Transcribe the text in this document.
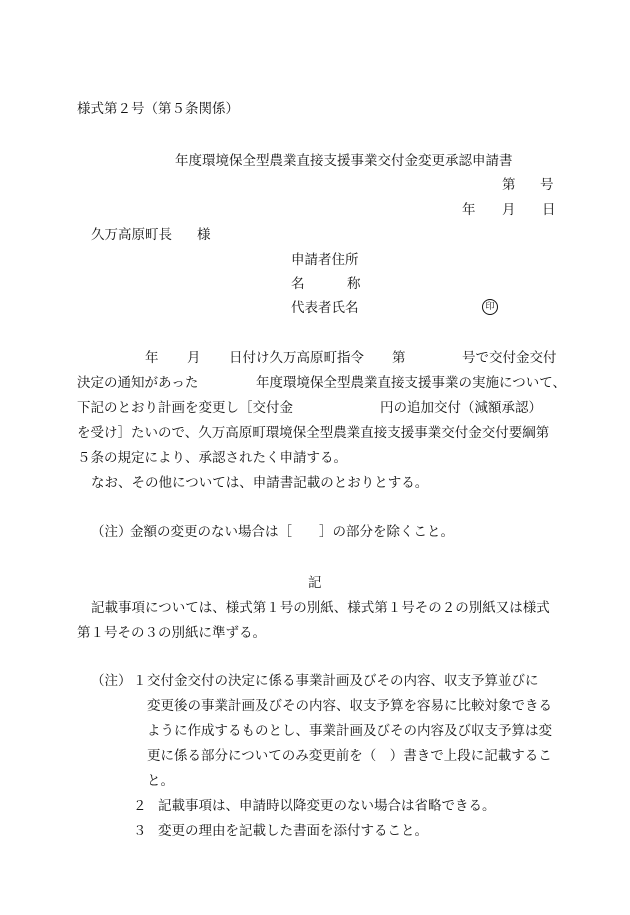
様式第２号（第５条関係）
年度環境保全型農業直接支援事業交付金変更承認申請書
第 号
年 月 日
久万高原町長 様
申請者住所
名	称
代表者氏名	印
年 月 日付け久万高原町指令 第	号で交付金交付
決定の通知があった	年度環境保全型農業直接支援事業の実施について、
下記のとおり計画を変更し［交付金	円の追加交付（減額承認）
を受け］たいので、久万高原町環境保全型農業直接支援事業交付金交付要綱第
５条の規定により、承認されたく申請する。
なお、その他については、申請書記載のとおりとする。
（注）
金額の変更のない場合は［　　］の部分を除くこと。
記
記載事項については、様式第１号の別紙、様式第１号その２の別紙又は様式
第１号その３の別紙に準ずる。
（注） １ 交付金交付の決定に係る事業計画及びその内容、収支予算並びに
変更後の事業計画及びその内容、収支予算を容易に比較対象できる
ように作成するものとし、事業計画及びその内容及び収支予算は変
更に係る部分についてのみ変更前を（　）書きで上段に記載するこ
と。
２ 記載事項は、申請時以降変更のない場合は省略できる。
３ 変更の理由を記載した書面を添付すること。
